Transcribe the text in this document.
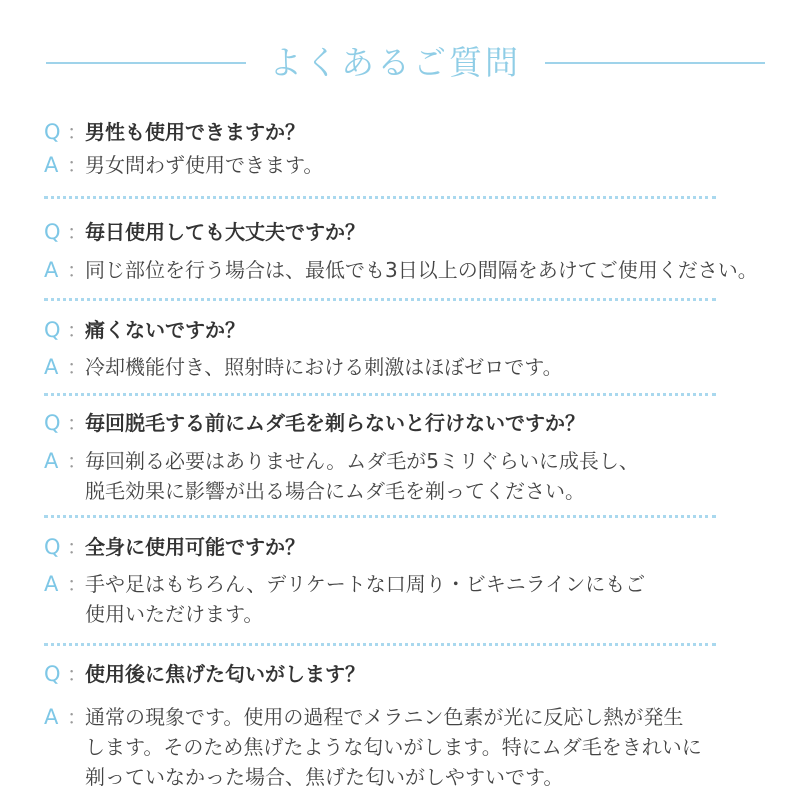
よくあるご質問
Q ：
男性も使用できますか？
A ：
男女問わず使用できます。
Q ：
毎日使用しても大丈夫ですか？
A ：
同じ部位を行う場合は、最低でも3日以上の間隔をあけてご使用ください。
Q ：
痛くないですか？
A ：
冷却機能付き、照射時における刺激はほぼゼロです。
Q ：
毎回脱毛する前にムダ毛を剃らないと行けないですか？
A ：
毎回剃る必要はありません。ムダ毛が5ミリぐらいに成長し、
脱毛効果に影響が出る場合にムダ毛を剃ってください。
Q ：
全身に使用可能ですか？
A ：
手や足はもちろん、デリケートな口周り・ビキニラインにもご
使用いただけます。
Q ：
使用後に焦げた匂いがします？
A ：
通常の現象です。使用の過程でメラニン色素が光に反応し熱が発生
します。そのため焦げたような匂いがします。特にムダ毛をきれいに
剃っていなかった場合、焦げた匂いがしやすいです。
